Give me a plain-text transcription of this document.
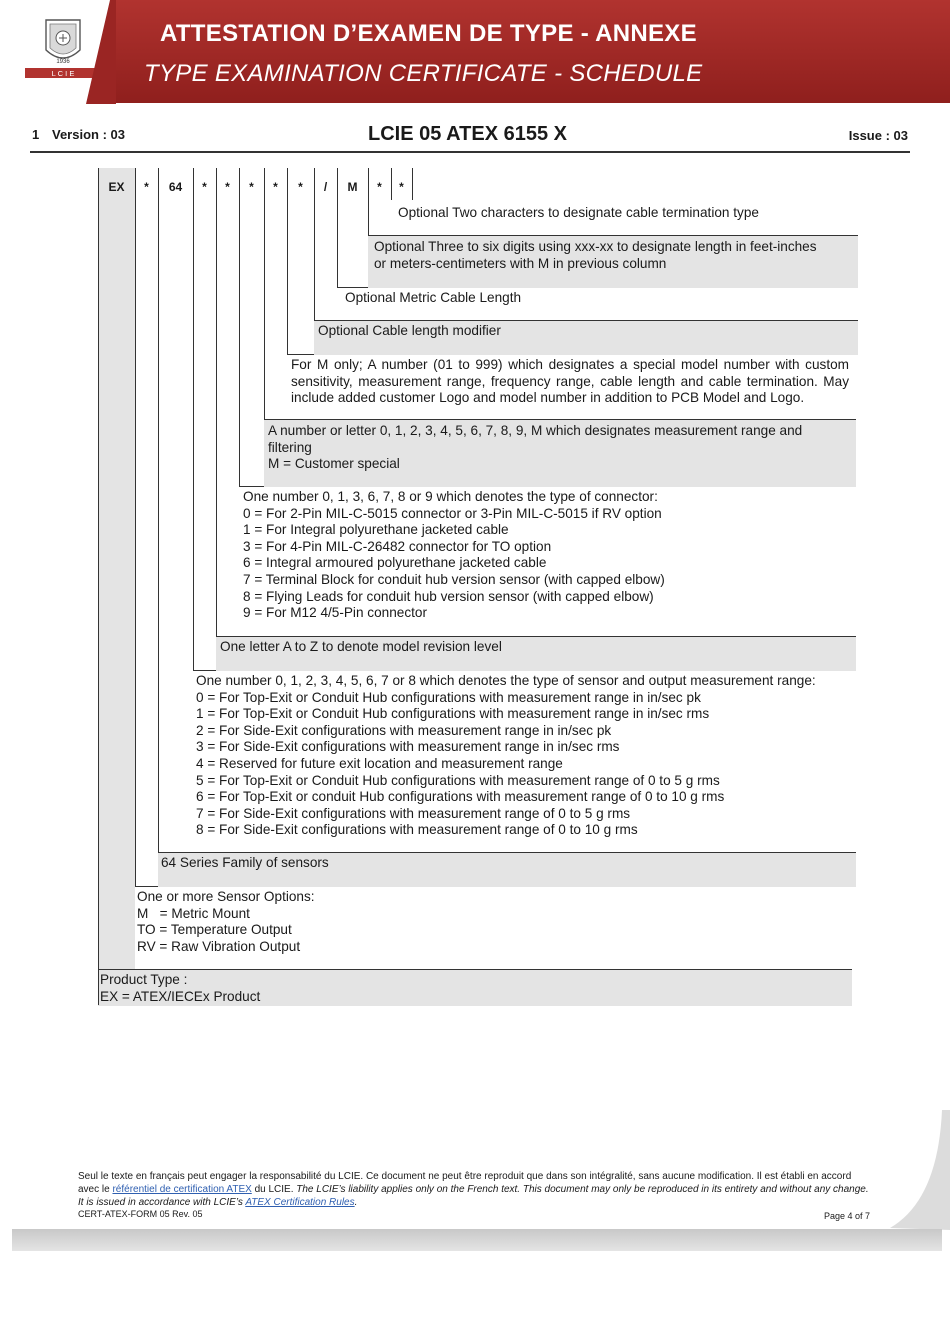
1936
L C I E
ATTESTATION D’EXAMEN DE TYPE - ANNEXE
TYPE EXAMINATION CERTIFICATE - SCHEDULE
1 Version : 03	LCIE 05 ATEX 6155 X	Issue : 03
EX	*	64	*	*	*	*	*	/	M	*	*
Optional Two characters to designate cable termination type
Optional Three to six digits using xxx-xx to designate length in feet-inches
or meters-centimeters with M in previous column
Optional Metric Cable Length
Optional Cable length modifier
For M only; A number (01 to 999) which designates a special model number with custom sensitivity, measurement range, frequency range, cable length and cable termination. May include added customer Logo and model number in addition to PCB Model and Logo.
A number or letter 0, 1, 2, 3, 4, 5, 6, 7, 8, 9, M which designates measurement range and
filtering
M = Customer special
One number 0, 1, 3, 6, 7, 8 or 9 which denotes the type of connector:
0 = For 2-Pin MIL-C-5015 connector or 3-Pin MIL-C-5015 if RV option
1 = For Integral polyurethane jacketed cable
3 = For 4-Pin MIL-C-26482 connector for TO option
6 = Integral armoured polyurethane jacketed cable
7 = Terminal Block for conduit hub version sensor (with capped elbow)
8 = Flying Leads for conduit hub version sensor (with capped elbow)
9 = For M12 4/5-Pin connector
One letter A to Z to denote model revision level
One number 0, 1, 2, 3, 4, 5, 6, 7 or 8 which denotes the type of sensor and output measurement range:
0 = For Top-Exit or Conduit Hub configurations with measurement range in in/sec pk
1 = For Top-Exit or Conduit Hub configurations with measurement range in in/sec rms
2 = For Side-Exit configurations with measurement range in in/sec pk
3 = For Side-Exit configurations with measurement range in in/sec rms
4 = Reserved for future exit location and measurement range
5 = For Top-Exit or Conduit Hub configurations with measurement range of 0 to 5 g rms
6 = For Top-Exit or conduit Hub configurations with measurement range of 0 to 10 g rms
7 = For Side-Exit configurations with measurement range of 0 to 5 g rms
8 = For Side-Exit configurations with measurement range of 0 to 10 g rms
64 Series Family of sensors
One or more Sensor Options:
M   = Metric Mount
TO = Temperature Output
RV = Raw Vibration Output
Product Type :
EX = ATEX/IECEx Product
Seul le texte en français peut engager la responsabilité du LCIE. Ce document ne peut être reproduit que dans son intégralité, sans aucune modification. Il est établi en accord avec le référentiel de certification ATEX du LCIE. The LCIE’s liability applies only on the French text. This document may only be reproduced in its entirety and without any change. It is issued in accordance with LCIE’s ATEX Certification Rules.
CERT-ATEX-FORM 05 Rev. 05	Page 4 of 7
